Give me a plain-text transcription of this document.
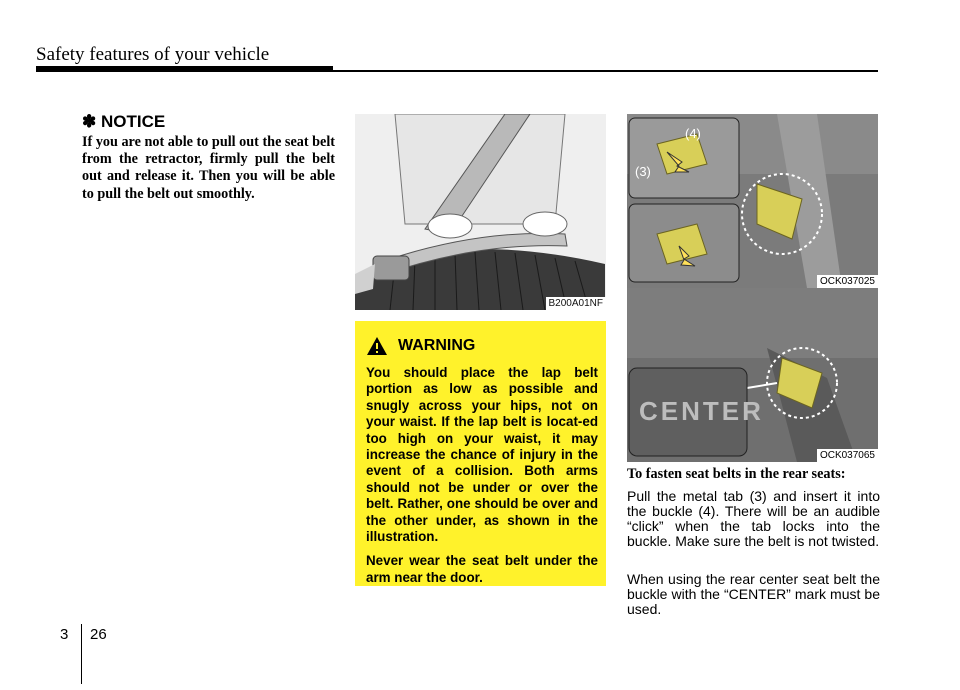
Safety features of your vehicle
✽ NOTICE
If you are not able to pull out the seat belt from the retractor, firmly pull the belt out and release it. Then you will be able to pull the belt out smoothly.
B200A01NF
(3)
(4)
OCK037025
CENTER
OCK037065
WARNING

You should place the lap belt portion as low as possible and snugly across your hips, not on your waist. If the lap belt is locat-ed too high on your waist, it may increase the chance of injury in the event of a collision. Both arms should not be under or over the belt. Rather, one should be over and the other under, as shown in the illustration.

Never wear the seat belt under the arm near the door.

To fasten seat belts in the rear seats:

Pull the metal tab (3) and insert it into the buckle (4). There will be an audible “click” when the tab locks into the buckle. Make sure the belt is not twisted.

When using the rear center seat belt the buckle with the “CENTER” mark must be used.

3 26
